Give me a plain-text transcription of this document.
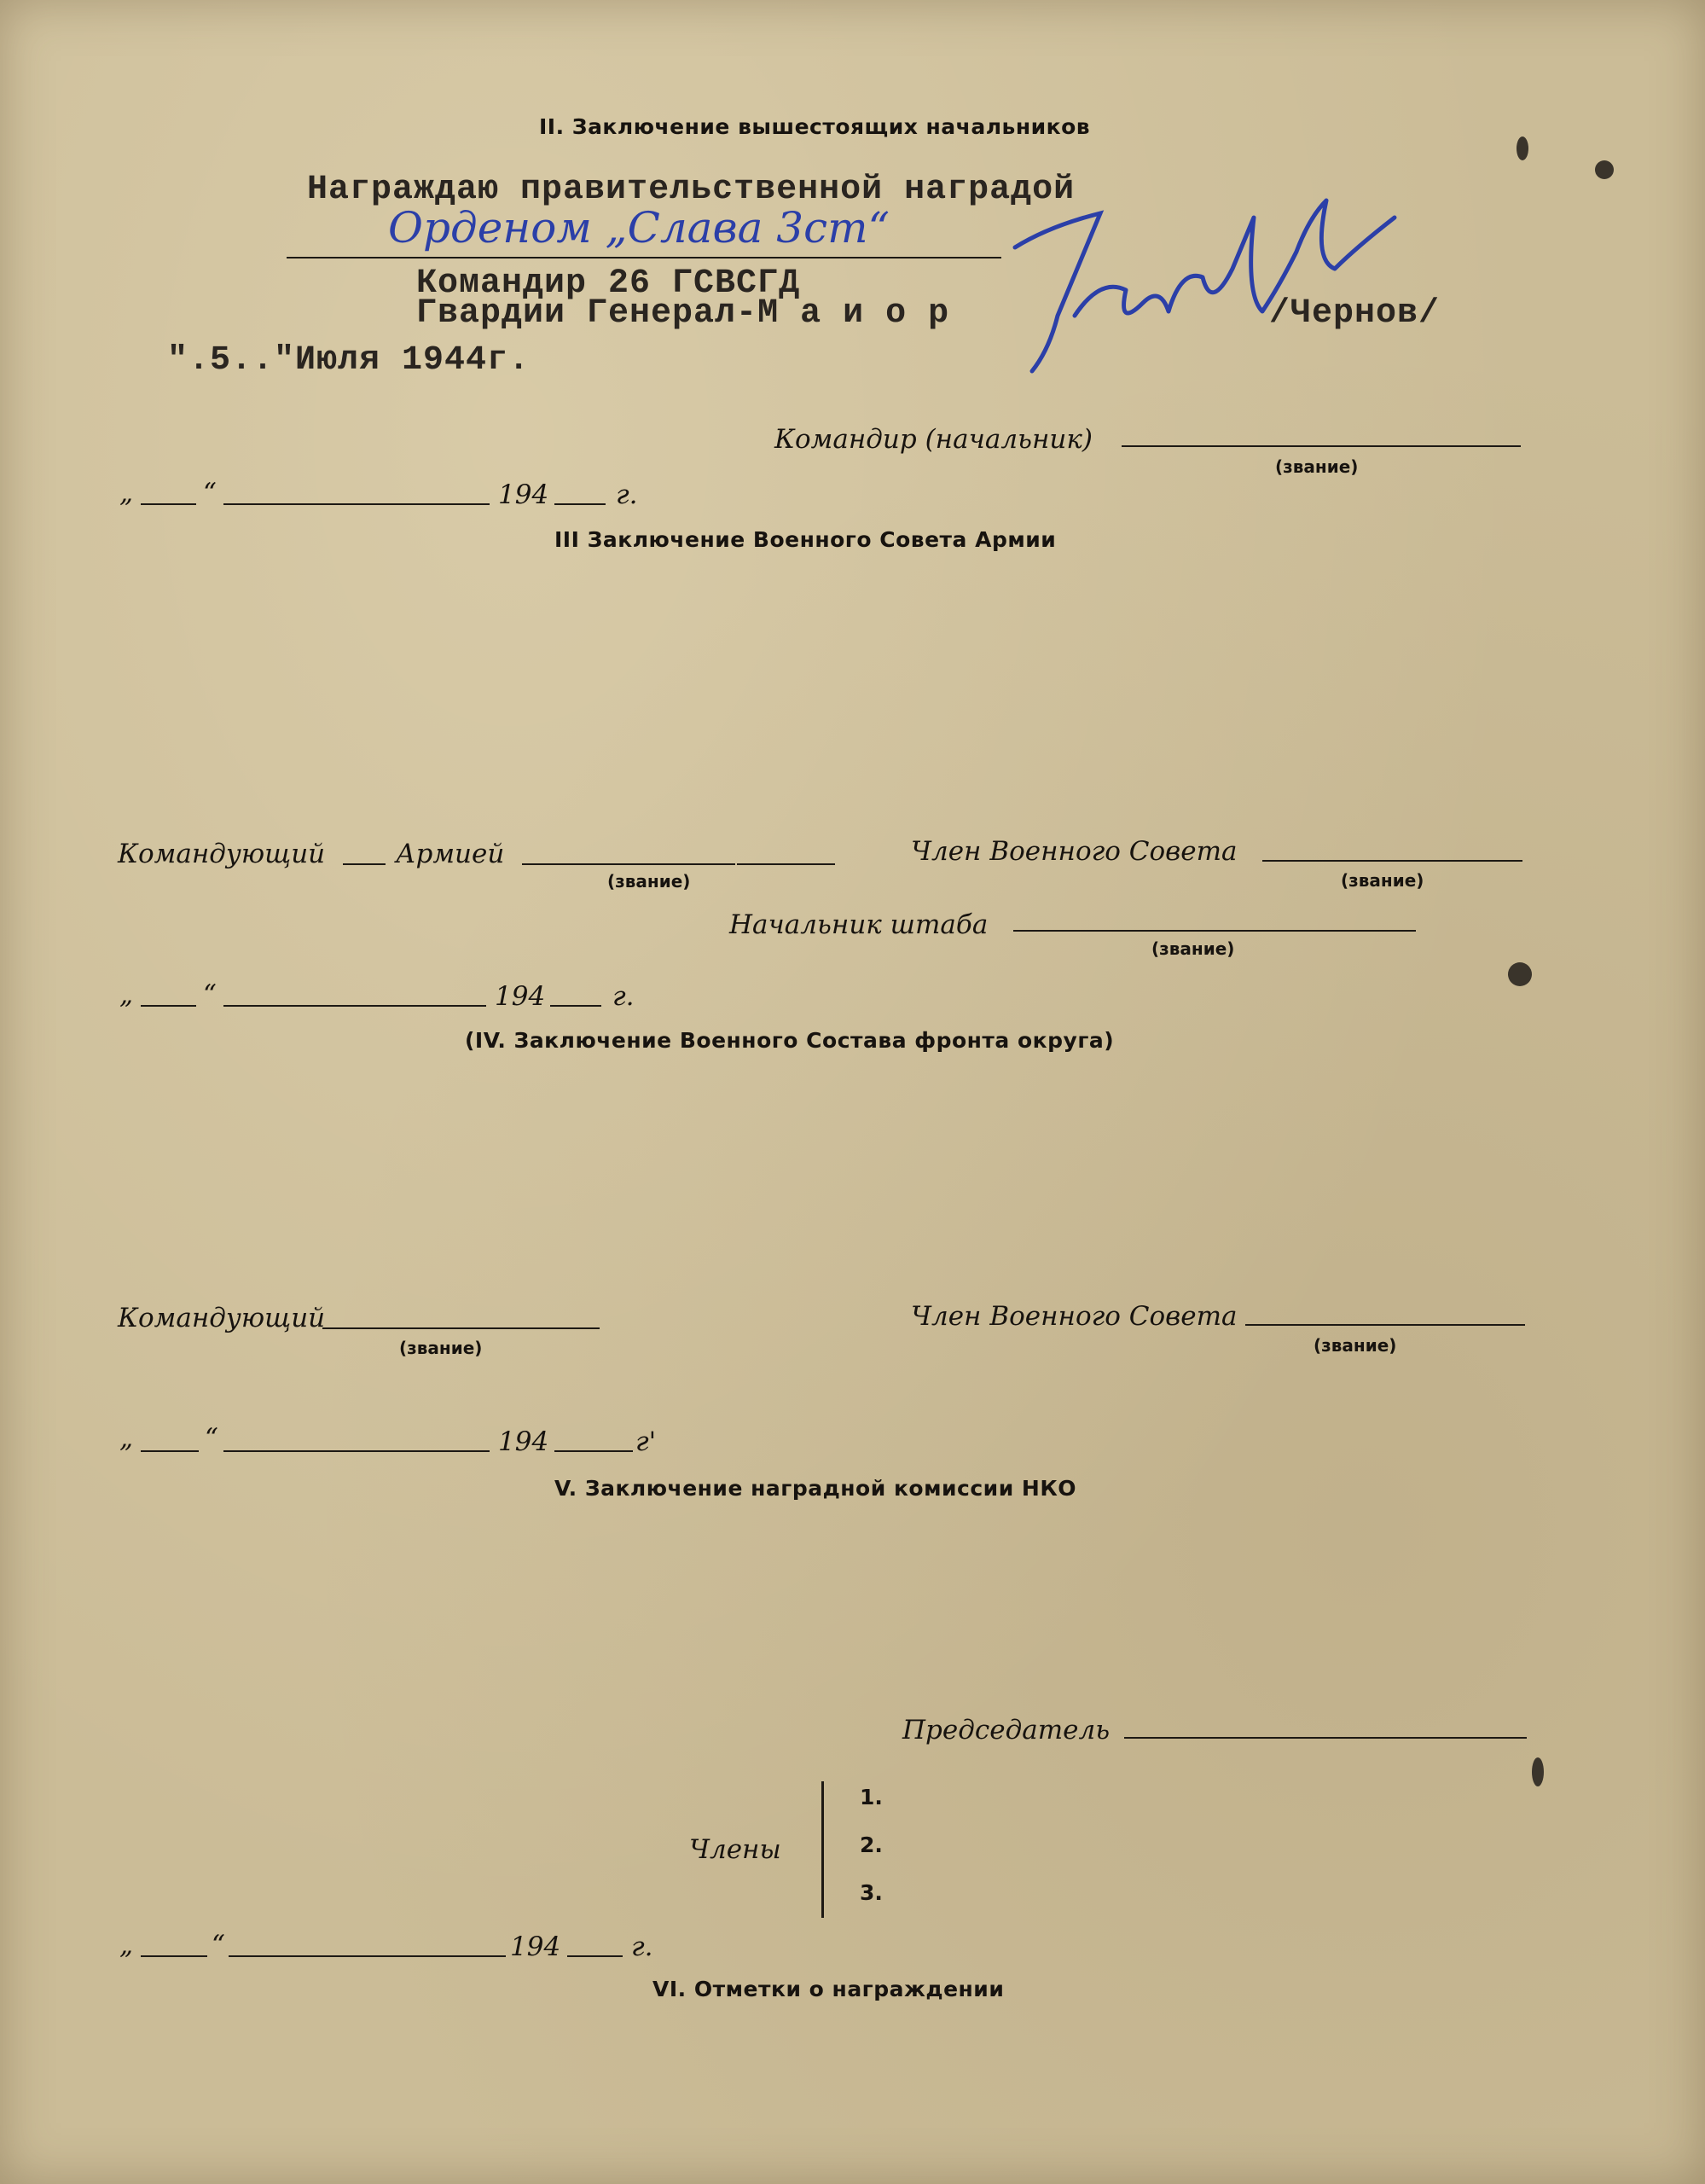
II. Заключение вышестоящих начальников
Награждаю правительственной наградой
Орденом „Слава 3ст“
Командир 26 ГСВСГД
Гвардии Генерал-М а и о р	/Чернов/
".5.."Июля 1944г.
Командир (начальник)
(звание)
„	“	194	г.
III Заключение Военного Совета Армии
Командующий	Армией
(звание)
Член Военного Совета
(звание)
Начальник штаба
(звание)
„	“	194	г.
(IV. Заключение Военного Состава фронта округа)
Командующий
(звание)
Член Военного Совета
(звание)
„	“	194	г'
V. Заключение наградной комиссии НКО
Председатель
Члены
1.
2.
3.
„	“	194	г.
VI. Отметки о награждении
